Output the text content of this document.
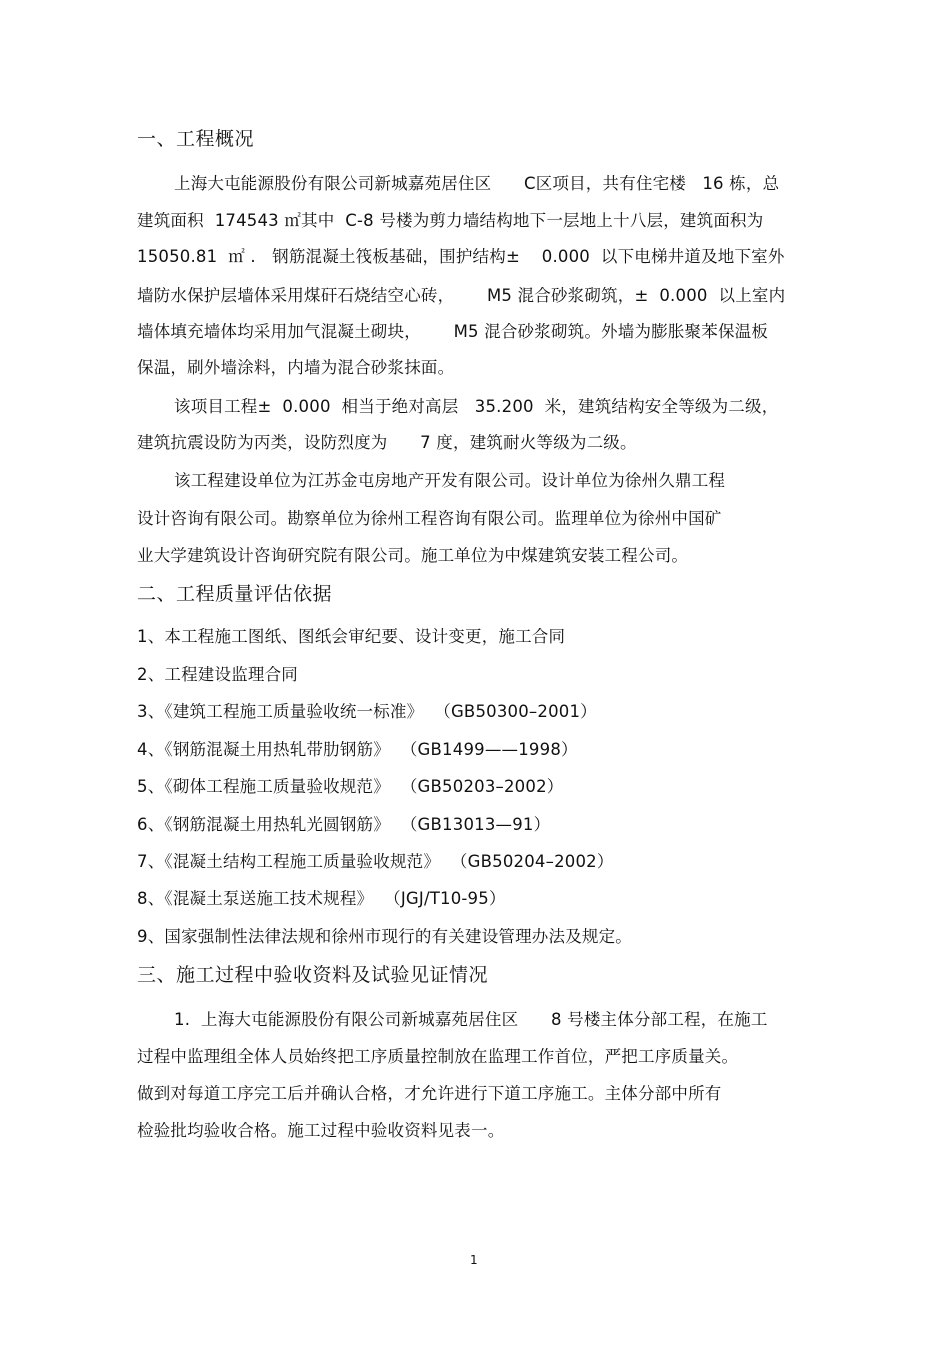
一、工程概况
上海大屯能源股份有限公司新城嘉苑居住区      C区项目，共有住宅楼   16 栋，总
建筑面积  174543 ㎡其中  C-8 号楼为剪力墙结构地下一层地上十八层，建筑面积为
15050.81  ㎡ .   钢筋混凝土筏板基础，围护结构±    0.000  以下电梯井道及地下室外
墙防水保护层墙体采用煤矸石烧结空心砖，      M5 混合砂浆砌筑，±  0.000  以上室内
墙体填充墙体均采用加气混凝土砌块，      M5 混合砂浆砌筑。外墙为膨胀聚苯保温板
保温，刷外墙涂料，内墙为混合砂浆抹面。
该项目工程±  0.000  相当于绝对高层   35.200  米，建筑结构安全等级为二级，
建筑抗震设防为丙类，设防烈度为      7 度，建筑耐火等级为二级。
该工程建设单位为江苏金屯房地产开发有限公司。设计单位为徐州久鼎工程
设计咨询有限公司。勘察单位为徐州工程咨询有限公司。监理单位为徐州中国矿
业大学建筑设计咨询研究院有限公司。施工单位为中煤建筑安装工程公司。
二、工程质量评估依据
1、本工程施工图纸、图纸会审纪要、设计变更，施工合同
2、工程建设监理合同
3、《建筑工程施工质量验收统一标准》  （GB50300–2001）
4、《钢筋混凝土用热轧带肋钢筋》  （GB1499——1998）
5、《砌体工程施工质量验收规范》  （GB50203–2002）
6、《钢筋混凝土用热轧光圆钢筋》  （GB13013—91）
7、《混凝土结构工程施工质量验收规范》  （GB50204–2002）
8、《混凝土泵送施工技术规程》  （JGJ/T10-95）
9、国家强制性法律法规和徐州市现行的有关建设管理办法及规定。
三、施工过程中验收资料及试验见证情况
1.  上海大屯能源股份有限公司新城嘉苑居住区      8 号楼主体分部工程，在施工
过程中监理组全体人员始终把工序质量控制放在监理工作首位，严把工序质量关。
做到对每道工序完工后并确认合格，才允许进行下道工序施工。主体分部中所有
检验批均验收合格。施工过程中验收资料见表一。
1
